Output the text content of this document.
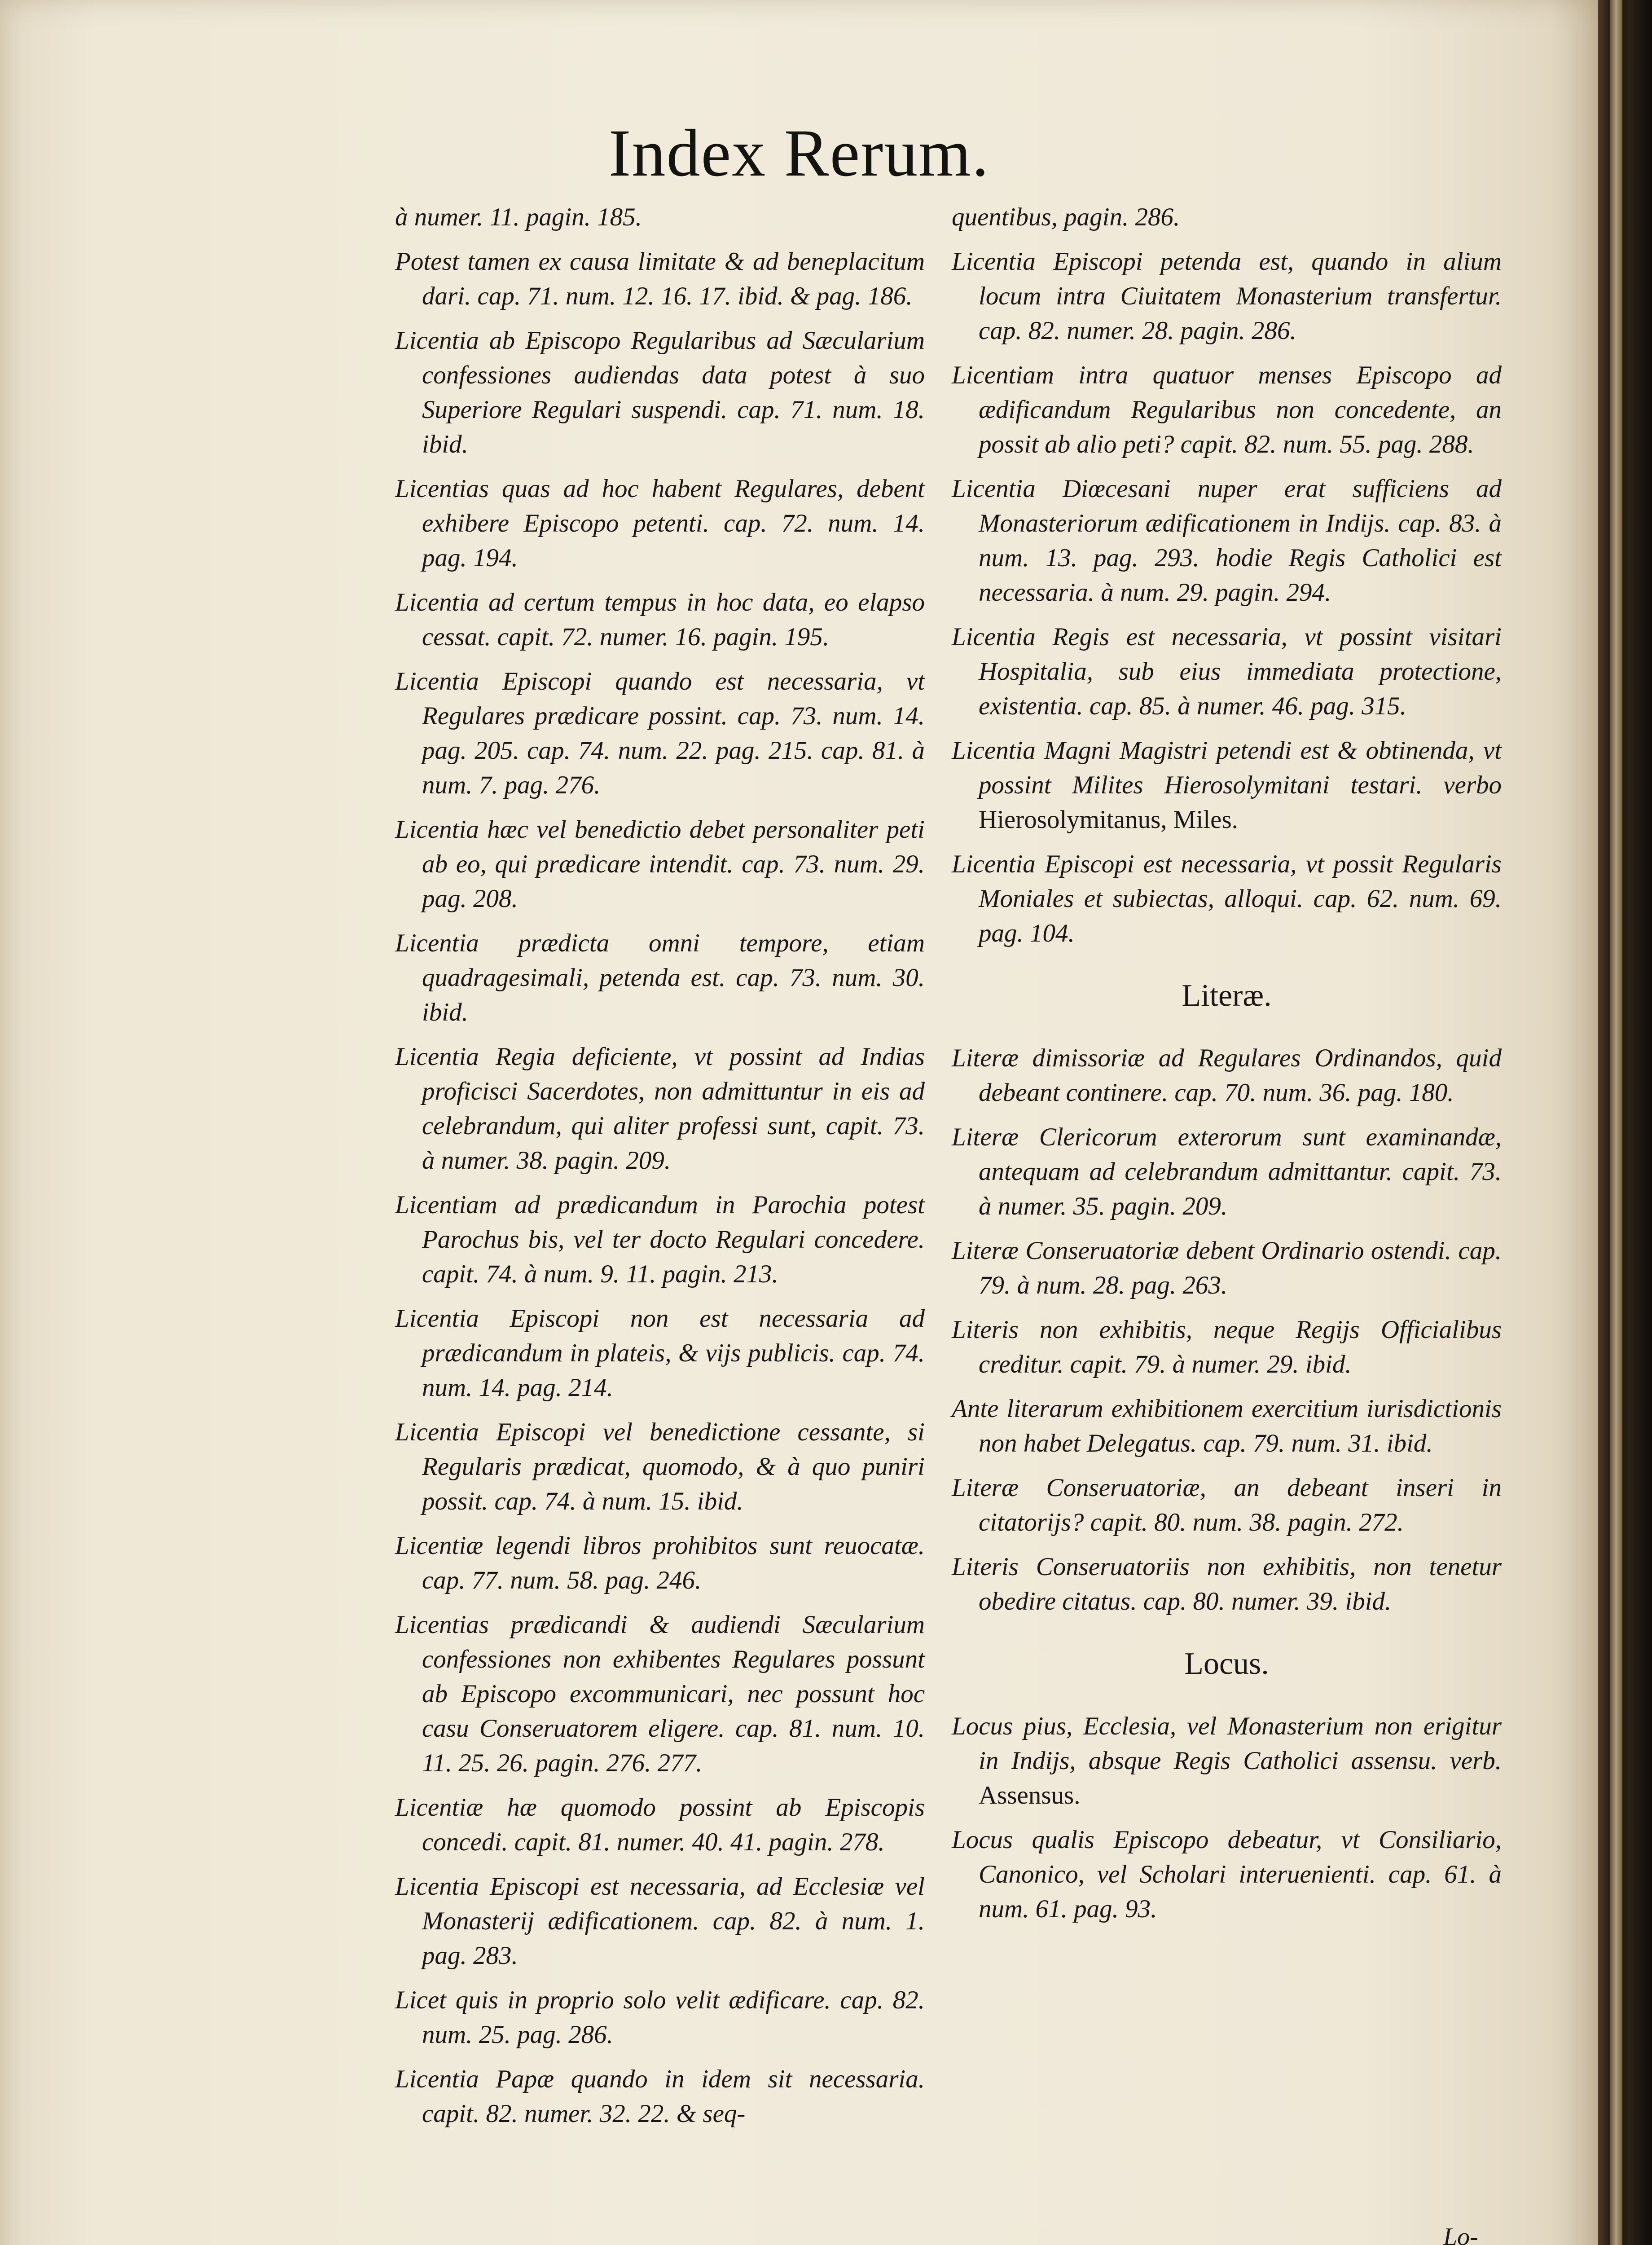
Index Rerum.
à numer. 11. pagin. 185.
Potest tamen ex causa limitate & ad beneplacitum dari. cap. 71. num. 12. 16. 17. ibid. & pag. 186.
Licentia ab Episcopo Regularibus ad Sæcularium confessiones audiendas data potest à suo Superiore Regulari suspendi. cap. 71. num. 18. ibid.
Licentias quas ad hoc habent Regulares, debent exhibere Episcopo petenti. cap. 72. num. 14. pag. 194.
Licentia ad certum tempus in hoc data, eo elapso cessat. capit. 72. numer. 16. pagin. 195.
Licentia Episcopi quando est necessaria, vt Regulares prædicare possint. cap. 73. num. 14. pag. 205. cap. 74. num. 22. pag. 215. cap. 81. à num. 7. pag. 276.
Licentia hæc vel benedictio debet personaliter peti ab eo, qui prædicare intendit. cap. 73. num. 29. pag. 208.
Licentia prædicta omni tempore, etiam quadragesimali, petenda est. cap. 73. num. 30. ibid.
Licentia Regia deficiente, vt possint ad Indias proficisci Sacerdotes, non admittuntur in eis ad celebrandum, qui aliter professi sunt, capit. 73. à numer. 38. pagin. 209.
Licentiam ad prædicandum in Parochia potest Parochus bis, vel ter docto Regulari concedere. capit. 74. à num. 9. 11. pagin. 213.
Licentia Episcopi non est necessaria ad prædicandum in plateis, & vijs publicis. cap. 74. num. 14. pag. 214.
Licentia Episcopi vel benedictione cessante, si Regularis prædicat, quomodo, & à quo puniri possit. cap. 74. à num. 15. ibid.
Licentiæ legendi libros prohibitos sunt reuocatæ. cap. 77. num. 58. pag. 246.
Licentias prædicandi & audiendi Sæcularium confessiones non exhibentes Regulares possunt ab Episcopo excommunicari, nec possunt hoc casu Conseruatorem eligere. cap. 81. num. 10. 11. 25. 26. pagin. 276. 277.
Licentiæ hæ quomodo possint ab Episcopis concedi. capit. 81. numer. 40. 41. pagin. 278.
Licentia Episcopi est necessaria, ad Ecclesiæ vel Monasterij ædificationem. cap. 82. à num. 1. pag. 283.
Licet quis in proprio solo velit ædificare. cap. 82. num. 25. pag. 286.
Licentia Papæ quando in idem sit necessaria. capit. 82. numer. 32. 22. & seq-
quentibus, pagin. 286.
Licentia Episcopi petenda est, quando in alium locum intra Ciuitatem Monasterium transfertur. cap. 82. numer. 28. pagin. 286.
Licentiam intra quatuor menses Episcopo ad ædificandum Regularibus non concedente, an possit ab alio peti? capit. 82. num. 55. pag. 288.
Licentia Diœcesani nuper erat sufficiens ad Monasteriorum ædificationem in Indijs. cap. 83. à num. 13. pag. 293. hodie Regis Catholici est necessaria. à num. 29. pagin. 294.
Licentia Regis est necessaria, vt possint visitari Hospitalia, sub eius immediata protectione, existentia. cap. 85. à numer. 46. pag. 315.
Licentia Magni Magistri petendi est & obtinenda, vt possint Milites Hierosolymitani testari. verbo Hierosolymitanus, Miles.
Licentia Episcopi est necessaria, vt possit Regularis Moniales et subiectas, alloqui. cap. 62. num. 69. pag. 104.
Literæ.
Literæ dimissoriæ ad Regulares Ordinandos, quid debeant continere. cap. 70. num. 36. pag. 180.
Literæ Clericorum exterorum sunt examinandæ, antequam ad celebrandum admittantur. capit. 73. à numer. 35. pagin. 209.
Literæ Conseruatoriæ debent Ordinario ostendi. cap. 79. à num. 28. pag. 263.
Literis non exhibitis, neque Regijs Officialibus creditur. capit. 79. à numer. 29. ibid.
Ante literarum exhibitionem exercitium iurisdictionis non habet Delegatus. cap. 79. num. 31. ibid.
Literæ Conseruatoriæ, an debeant inseri in citatorijs? capit. 80. num. 38. pagin. 272.
Literis Conseruatoriis non exhibitis, non tenetur obedire citatus. cap. 80. numer. 39. ibid.
Locus.
Locus pius, Ecclesia, vel Monasterium non erigitur in Indijs, absque Regis Catholici assensu. verb. Assensus.
Locus qualis Episcopo debeatur, vt Consiliario, Canonico, vel Scholari interuenienti. cap. 61. à num. 61. pag. 93.
Lo-
